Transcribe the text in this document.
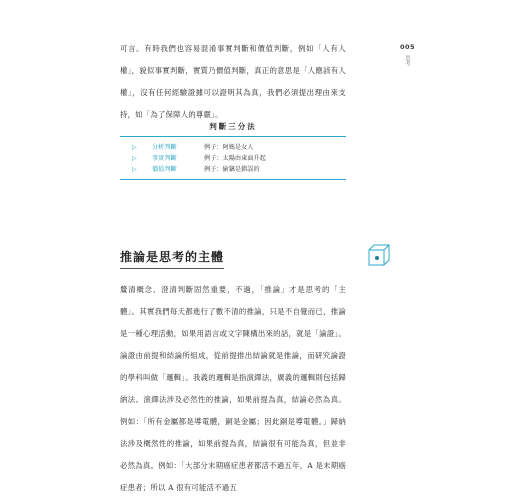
可言。有時我們也容易混淆事實判斷和價值判斷，例如「人有人權」，貌似事實判斷，實質乃價值判斷，真正的意思是「人應該有人權」，沒有任何經驗證據可以證明其為真，我們必須提出理由來支持，如「為了保障人的尊嚴」。

005
思考
判斷三分法
▷ 分析判斷	例子：阿媽是女人
▷ 事實判斷	例子：太陽由東面升起
▷ 價值判斷	例子：偷竊是錯誤的
推論是思考的主體

釐清概念、澄清判斷固然重要，不過，「推論」才是思考的「主體」。其實我們每天都進行了數不清的推論，只是不自覺而已，推論是一種心理活動，如果用語言或文字陳構出來的話，就是「論證」。論證由前提和結論所組成，從前提推出結論就是推論，而研究論證的學科叫做「邏輯」。我義的邏輯是指演繹法，廣義的邏輯則包括歸納法。演繹法涉及必然性的推論，如果前提為真，結論必然為真。例如：「所有金屬都是導電體，銅是金屬；因此銅是導電體。」歸納法涉及概然性的推論，如果前提為真，結論很有可能為真，但並非必然為真。例如：「大部分末期癌症患者都活不過五年，A 是末期癌症患者；所以 A 很有可能活不過五
